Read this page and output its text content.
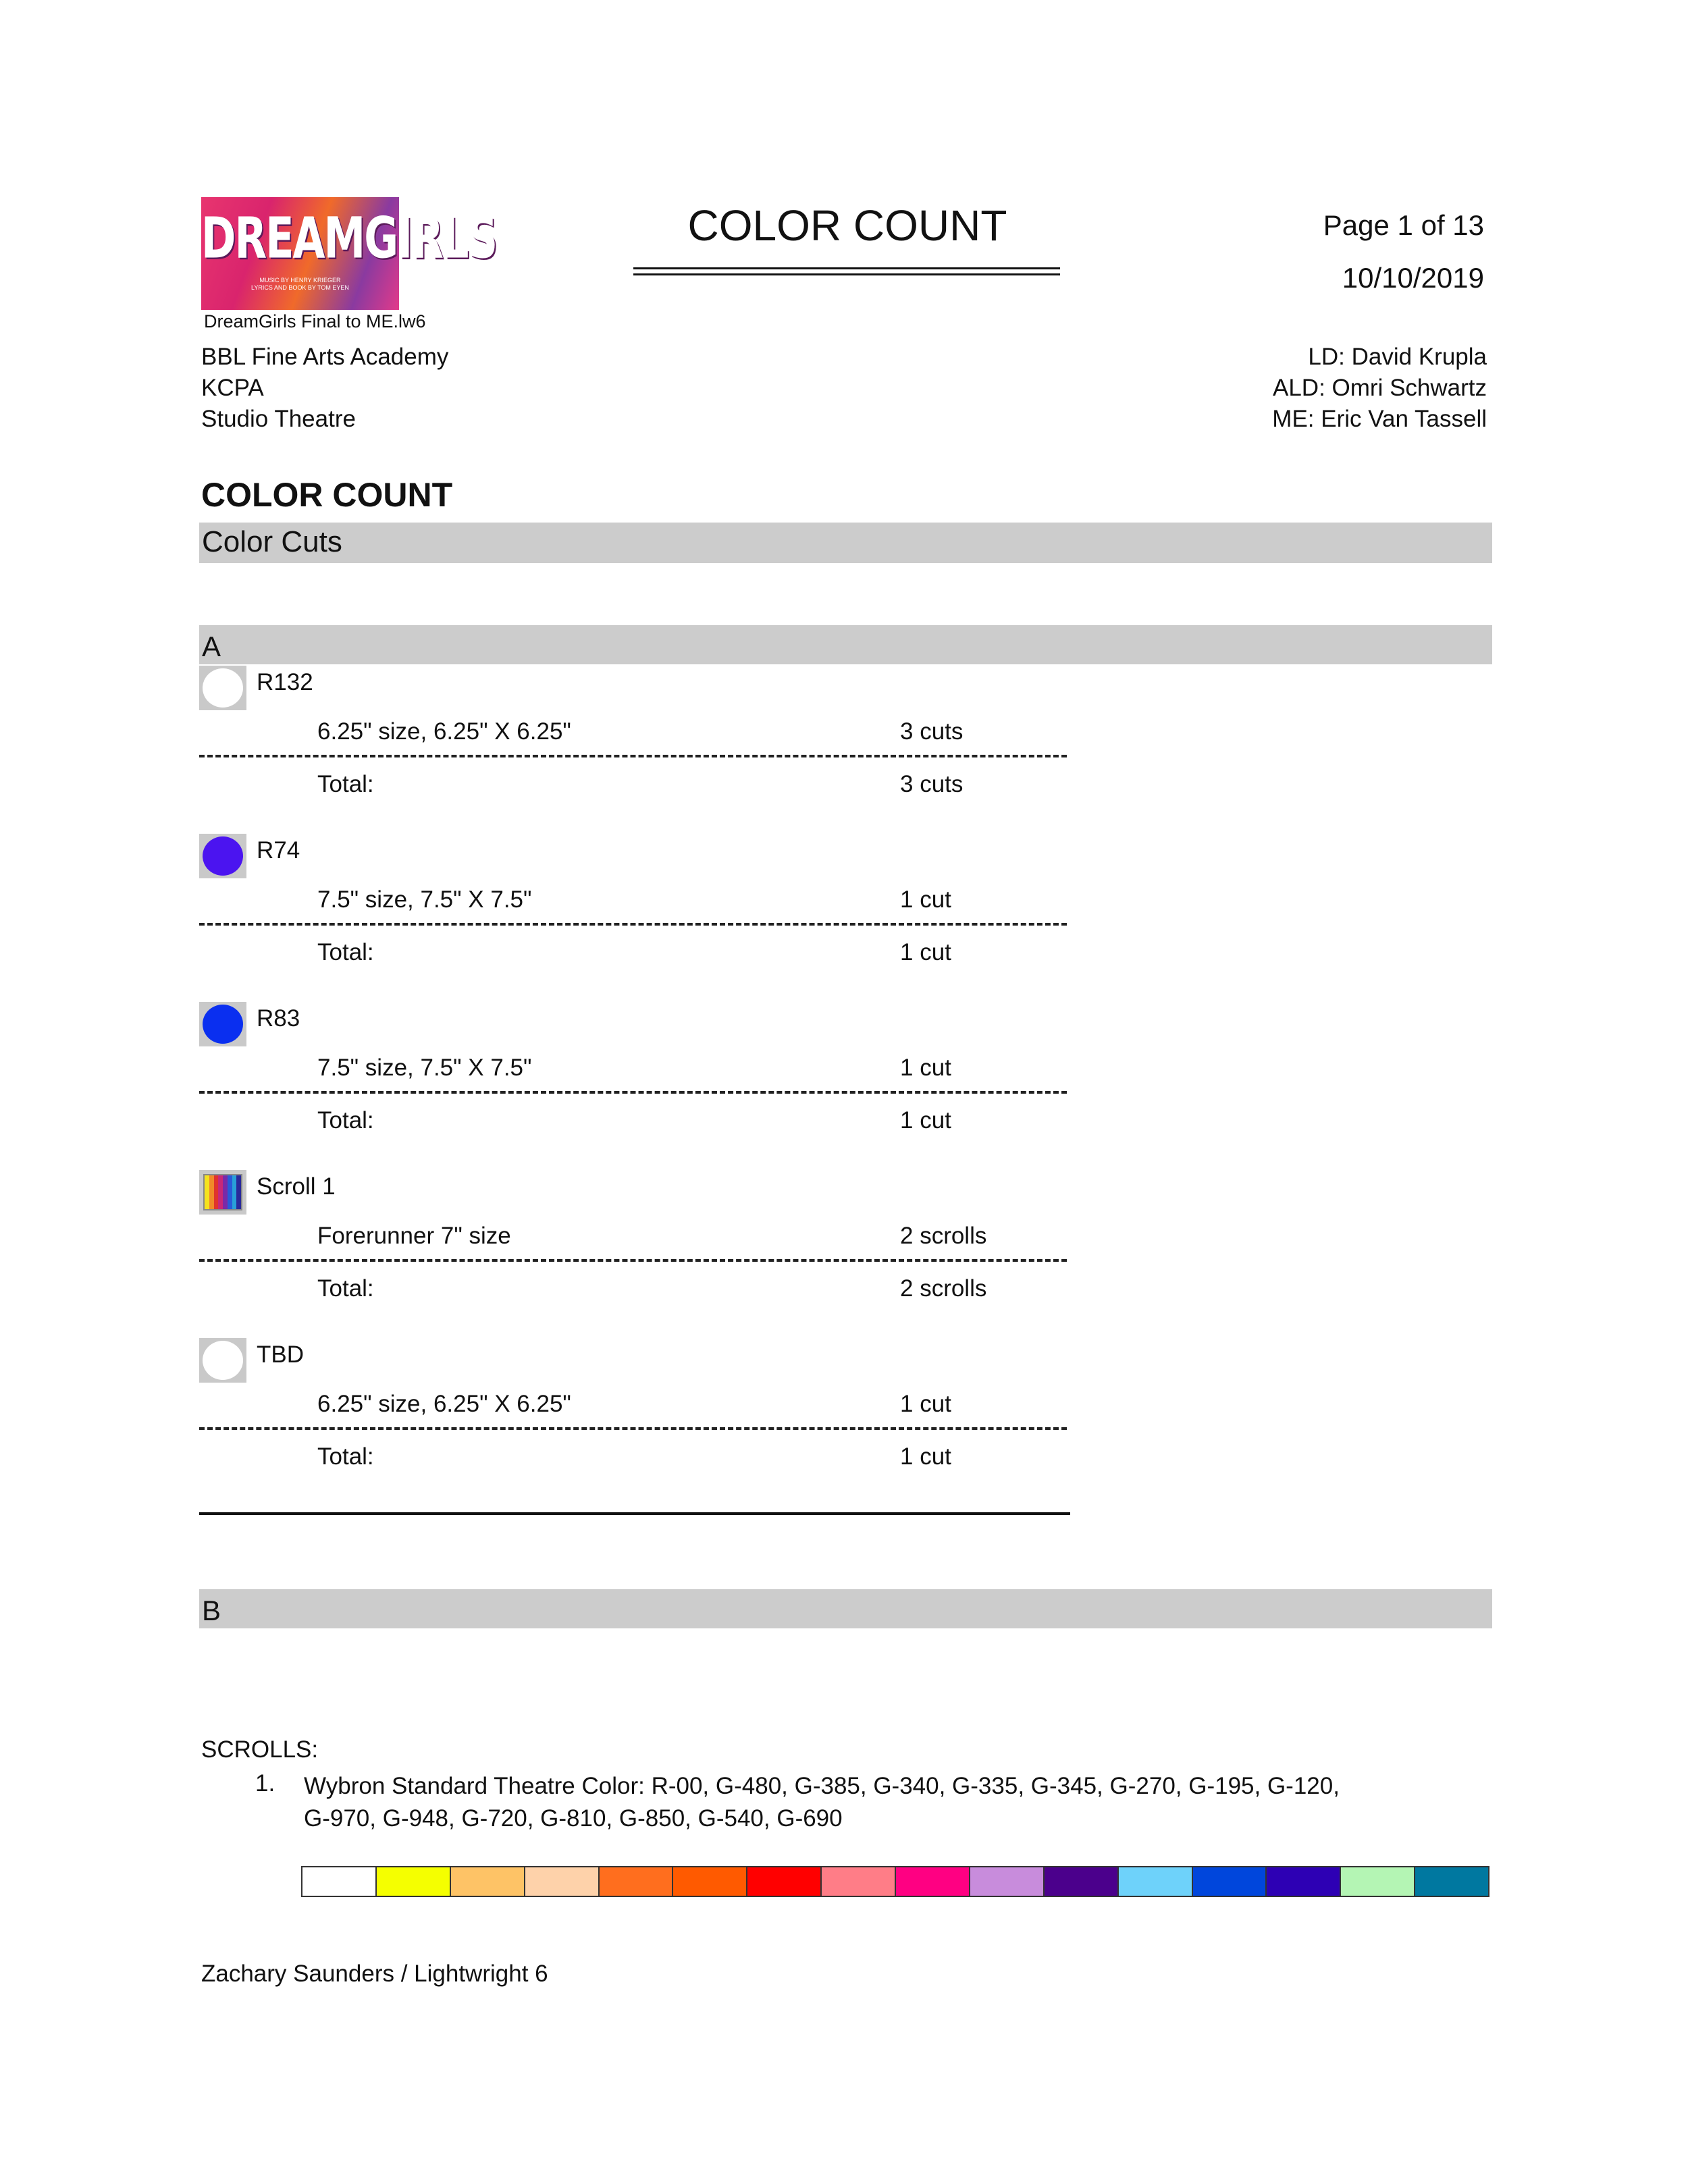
DREAMGIRLS
MUSIC BY HENRY KRIEGER
LYRICS AND BOOK BY TOM EYEN
COLOR COUNT	Page 1 of 13
10/10/2019
DreamGirls Final to ME.lw6
BBL Fine Arts Academy
KCPA
Studio Theatre
LD: David Krupla
ALD: Omri Schwartz
ME: Eric Van Tassell
COLOR COUNT
Color Cuts
A
R132
6.25" size, 6.25" X 6.25"	3 cuts
Total:	3 cuts
R74
7.5" size, 7.5" X 7.5"	1 cut
Total:	1 cut
R83
7.5" size, 7.5" X 7.5"	1 cut
Total:	1 cut
Scroll 1
Forerunner 7" size	2 scrolls
Total:	2 scrolls
TBD
6.25" size, 6.25" X 6.25"	1 cut
Total:	1 cut
B
SCROLLS:
1. Wybron Standard Theatre Color: R-00, G-480, G-385, G-340, G-335, G-345, G-270, G-195, G-120, G-970, G-948, G-720, G-810, G-850, G-540, G-690
Zachary Saunders / Lightwright 6
